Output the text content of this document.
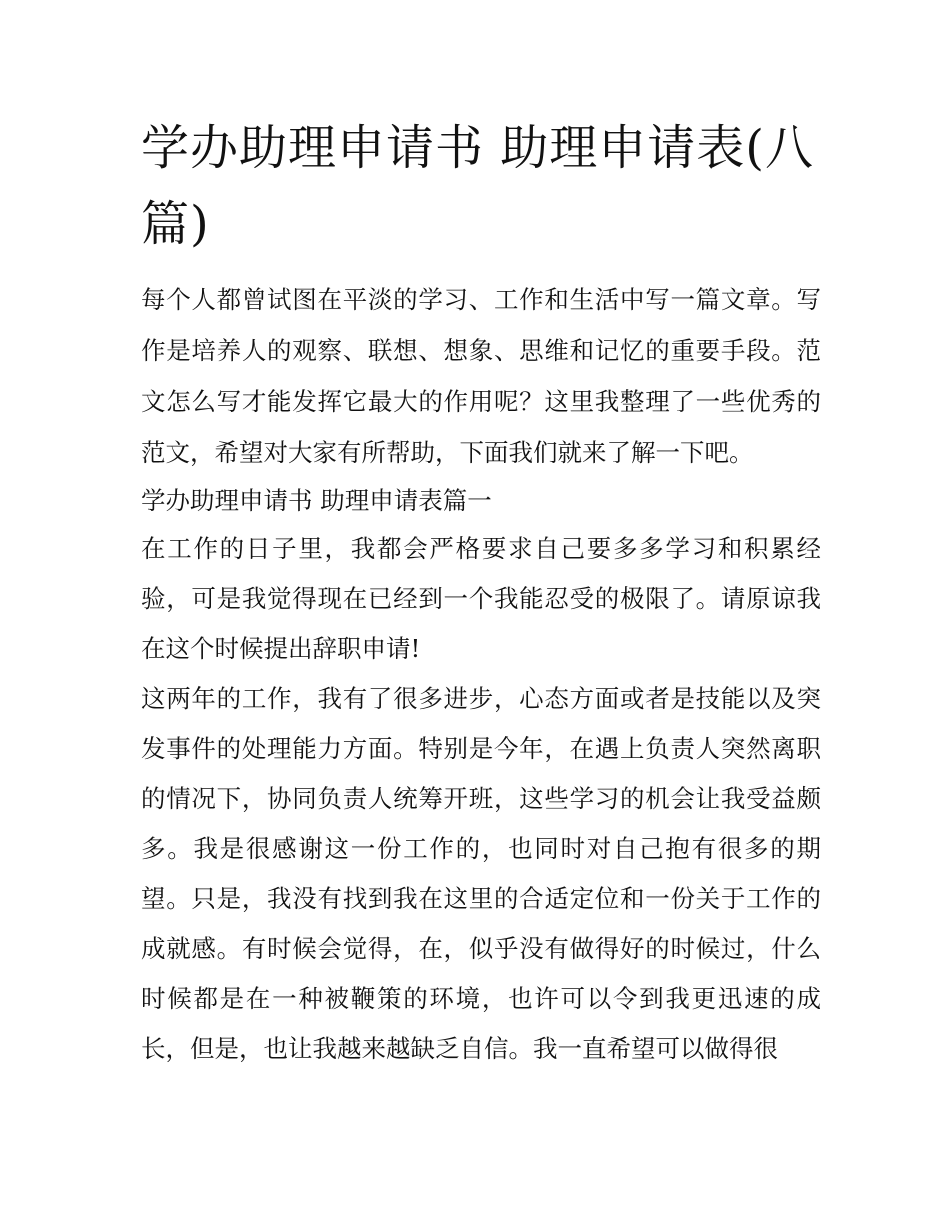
学办助理申请书 助理申请表(八篇)

每个人都曾试图在平淡的学习、工作和生活中写一篇文章。写作是培养人的观察、联想、想象、思维和记忆的重要手段。范文怎么写才能发挥它最大的作用呢？这里我整理了一些优秀的范文，希望对大家有所帮助，下面我们就来了解一下吧。

学办助理申请书 助理申请表篇一

在工作的日子里，我都会严格要求自己要多多学习和积累经验，可是我觉得现在已经到一个我能忍受的极限了。请原谅我在这个时候提出辞职申请!

这两年的工作，我有了很多进步，心态方面或者是技能以及突发事件的处理能力方面。特别是今年，在遇上负责人突然离职的情况下，协同负责人统筹开班，这些学习的机会让我受益颇多。我是很感谢这一份工作的，也同时对自己抱有很多的期望。只是，我没有找到我在这里的合适定位和一份关于工作的成就感。有时候会觉得，在，似乎没有做得好的时候过，什么时候都是在一种被鞭策的环境，也许可以令到我更迅速的成长，但是，也让我越来越缺乏自信。我一直希望可以做得很
